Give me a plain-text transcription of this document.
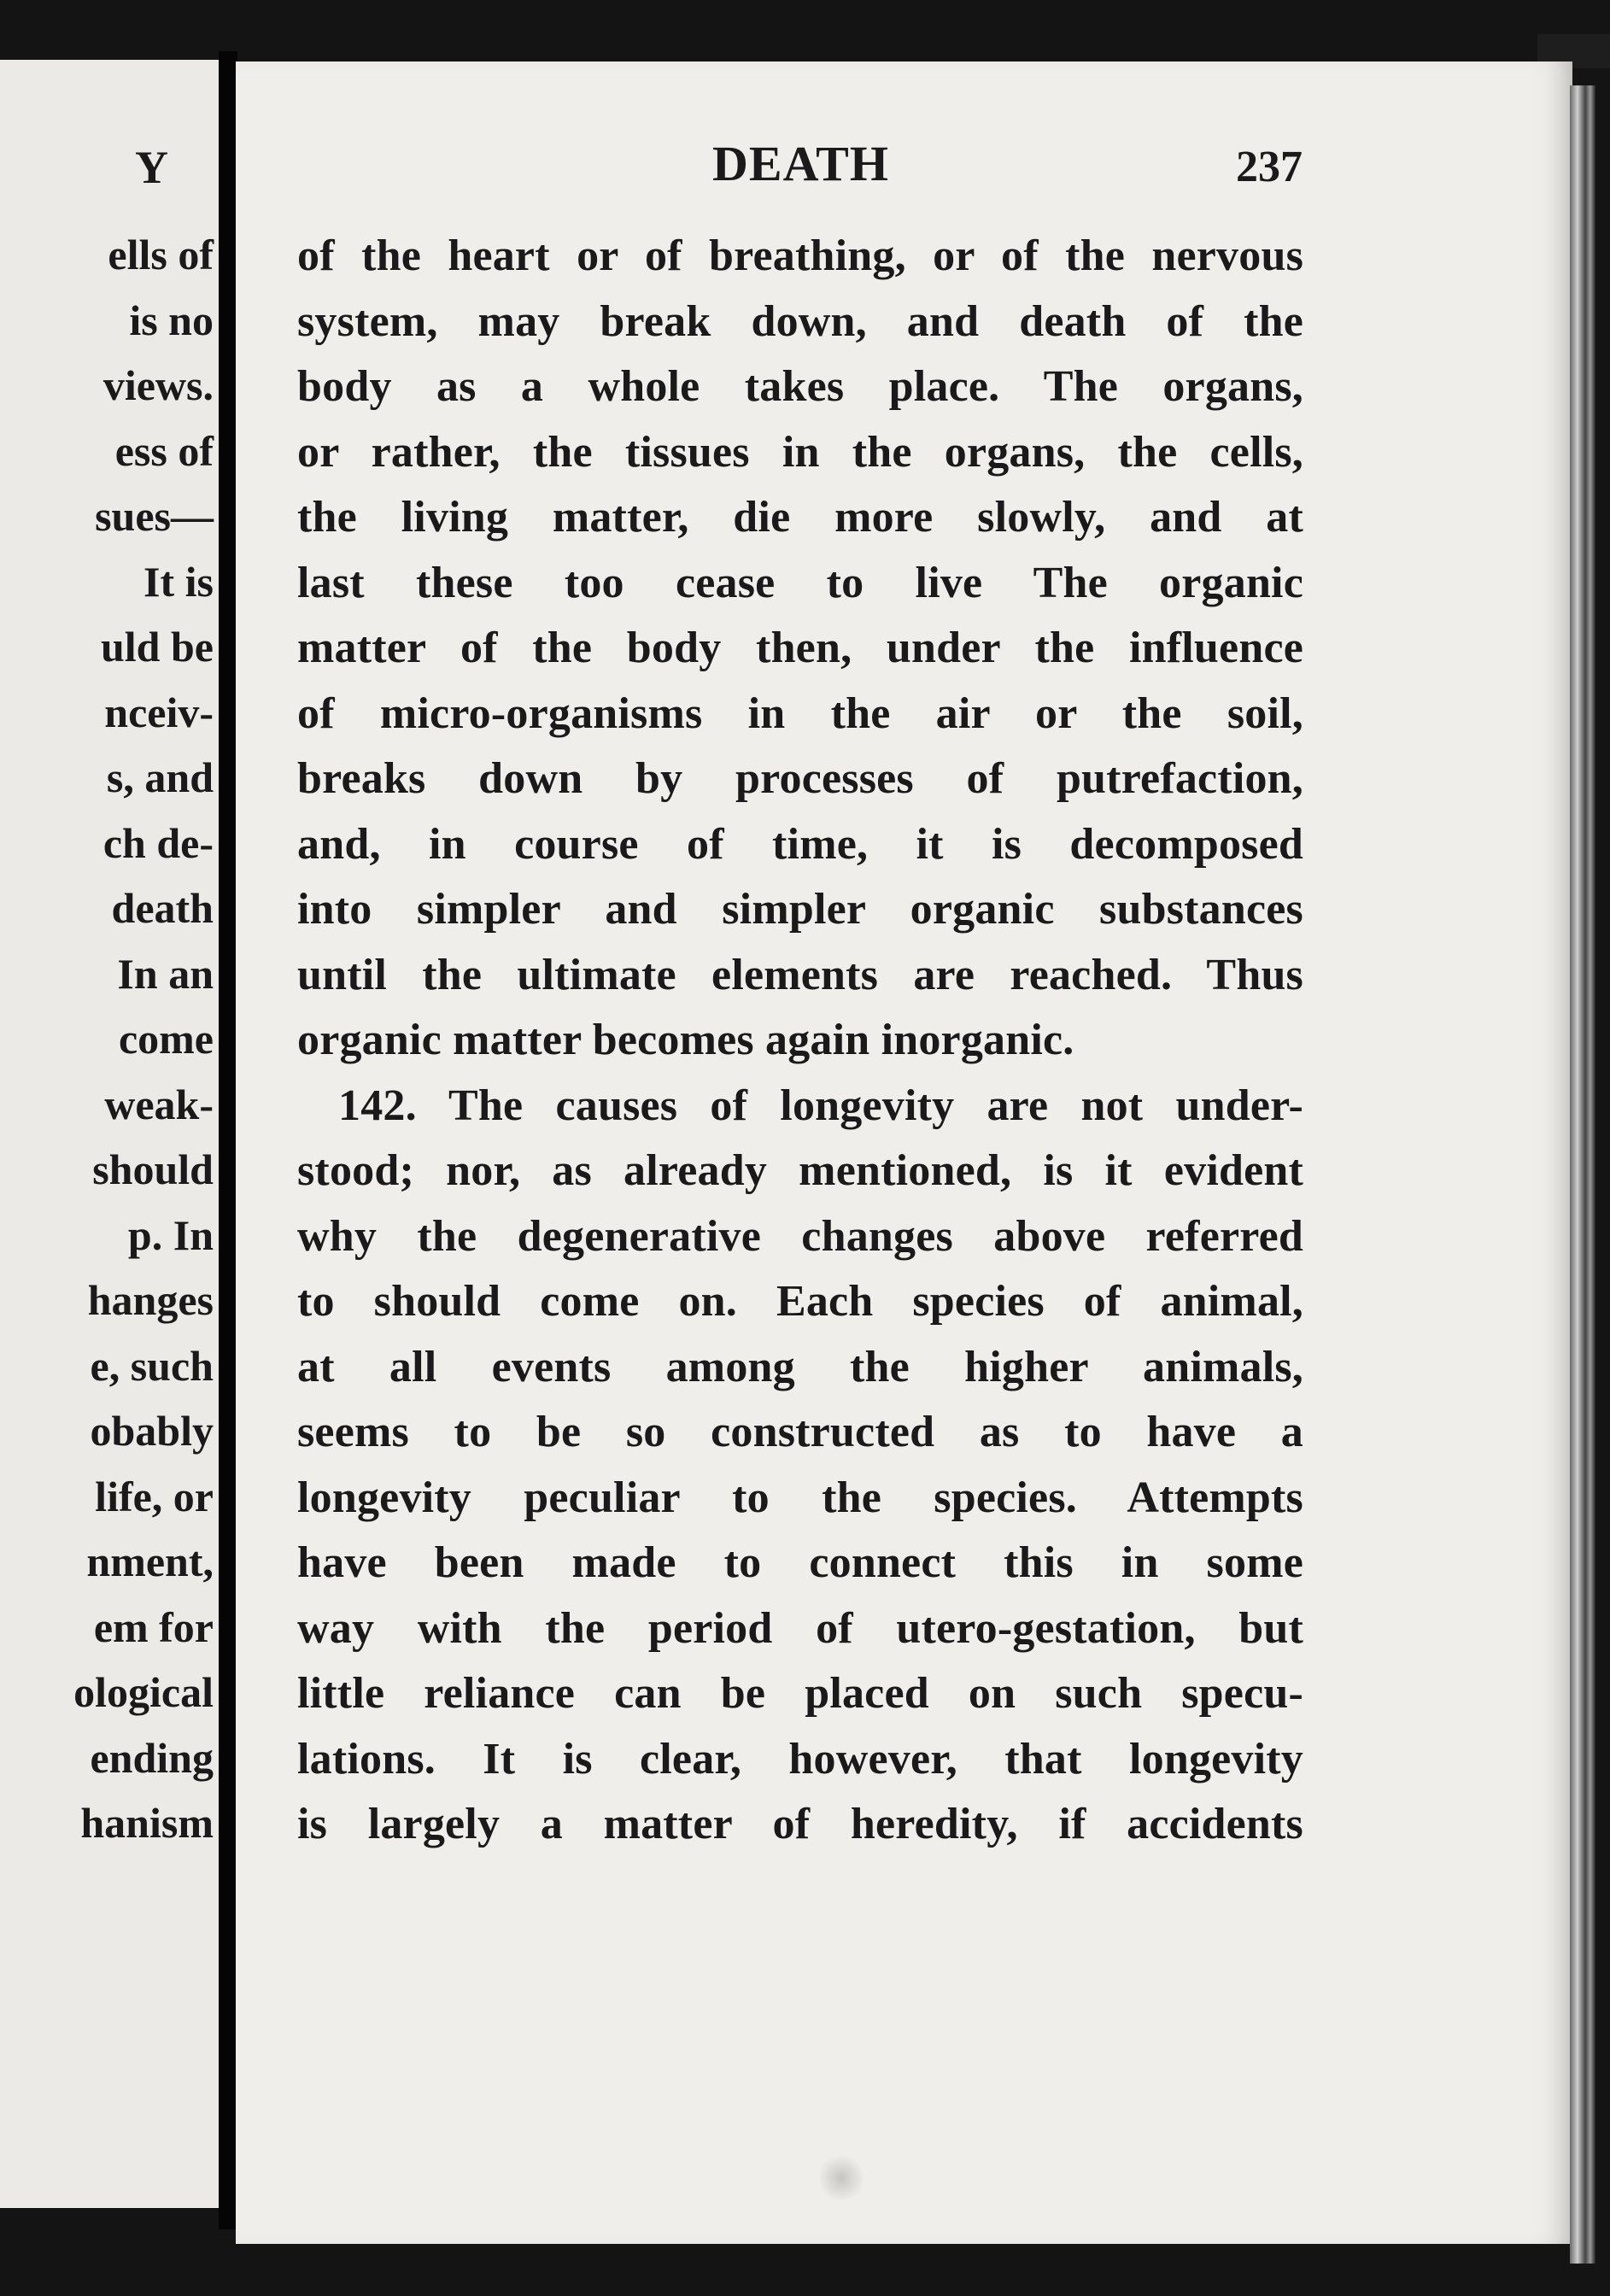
Y
ells of
is no
views.
ess of
sues—
It is
uld be
nceiv-
s, and
ch de-
death
In an
come
weak-
should
p. In
hanges
e, such
obably
life, or
nment,
em for
ological
ending
hanism
DEATH	237
of the heart or of breathing, or of the nervous
system, may break down, and death of the
body as a whole takes place. The organs,
or rather, the tissues in the organs, the cells,
the living matter, die more slowly, and at
last these too cease to live The organic
matter of the body then, under the influence
of micro-organisms in the air or the soil,
breaks down by processes of putrefaction,
and, in course of time, it is decomposed
into simpler and simpler organic substances
until the ultimate elements are reached. Thus
organic matter becomes again inorganic.
142. The causes of longevity are not under-
stood; nor, as already mentioned, is it evident
why the degenerative changes above referred
to should come on. Each species of animal,
at all events among the higher animals,
seems to be so constructed as to have a
longevity peculiar to the species. Attempts
have been made to connect this in some
way with the period of utero-gestation, but
little reliance can be placed on such specu-
lations. It is clear, however, that longevity
is largely a matter of heredity, if accidents
